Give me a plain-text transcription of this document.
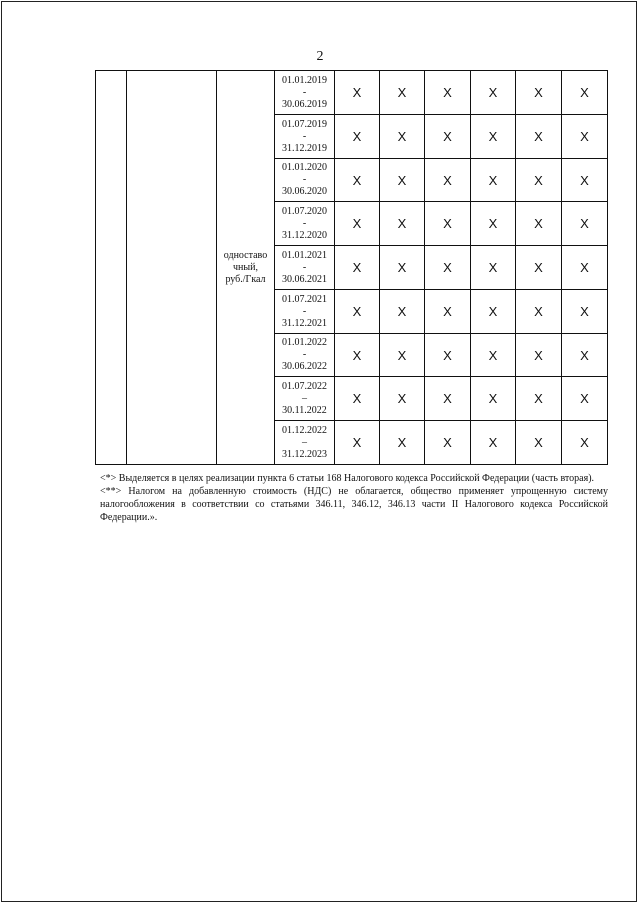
2

		одноставо
чный,
руб./Гкал	01.01.2019
-
30.06.2019	Х	Х	Х	Х	Х	Х

			01.07.2019
-
31.12.2019	Х	Х	Х	Х	Х	Х

			01.01.2020
-
30.06.2020	Х	Х	Х	Х	Х	Х

			01.07.2020
-
31.12.2020	Х	Х	Х	Х	Х	Х

			01.01.2021
-
30.06.2021	Х	Х	Х	Х	Х	Х

			01.07.2021
-
31.12.2021	Х	Х	Х	Х	Х	Х

			01.01.2022
-
30.06.2022	Х	Х	Х	Х	Х	Х

			01.07.2022
–
30.11.2022	Х	Х	Х	Х	Х	Х

			01.12.2022
–
31.12.2023	Х	Х	Х	Х	Х	Х

<*> Выделяется в целях реализации пункта 6 статьи 168 Налогового кодекса Российской Федерации (часть вторая).

<**> Налогом на добавленную стоимость (НДС) не облагается, общество применяет упрощенную систему налогообложения в соответствии со статьями 346.11, 346.12, 346.13 части II Налогового кодекса Российской Федерации.».
